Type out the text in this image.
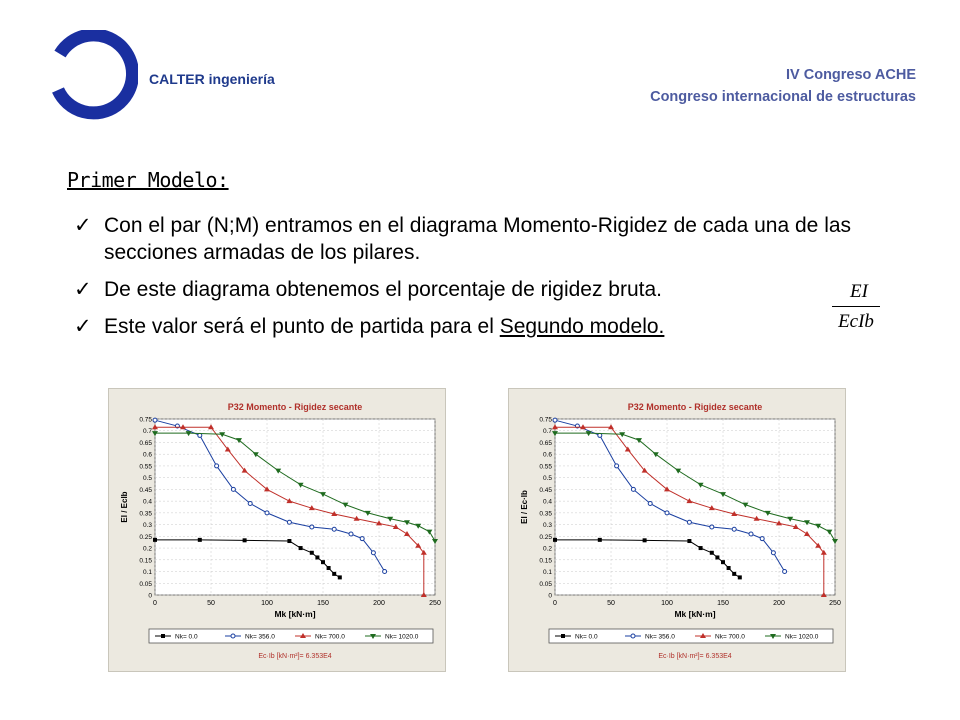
CALTER ingeniería	IV Congreso ACHE
Congreso internacional de estructuras
Primer Modelo:
✓ Con el par (N;M) entramos en el diagrama Momento-Rigidez de cada una de las secciones armadas de los pilares.
✓ De este diagrama obtenemos el porcentaje de rigidez bruta.
✓ Este valor será el punto de partida para el Segundo modelo.
EI
EcIb
P32 Momento - Rigidez secante
0
0.05
0.1
0.15
0.2
0.25
0.3
0.35
0.4
0.45
0.5
0.55
0.6
0.65
0.7
0.75
0	50	100	150	200	250
Mk [kN·m]
EI / EcIb
Nk= 0.0	Nk= 356.0	Nk= 700.0	Nk= 1020.0
Ec·Ib [kN·m²]= 6.353E4
P32 Momento - Rigidez secante
0
0.05
0.1
0.15
0.2
0.25
0.3
0.35
0.4
0.45
0.5
0.55
0.6
0.65
0.7
0.75
0	50	100	150	200	250
Mk [kN·m]
EI / Ec·Ib
Nk= 0.0	Nk= 356.0	Nk= 700.0	Nk= 1020.0
Ec·Ib [kN·m²]= 6.353E4
